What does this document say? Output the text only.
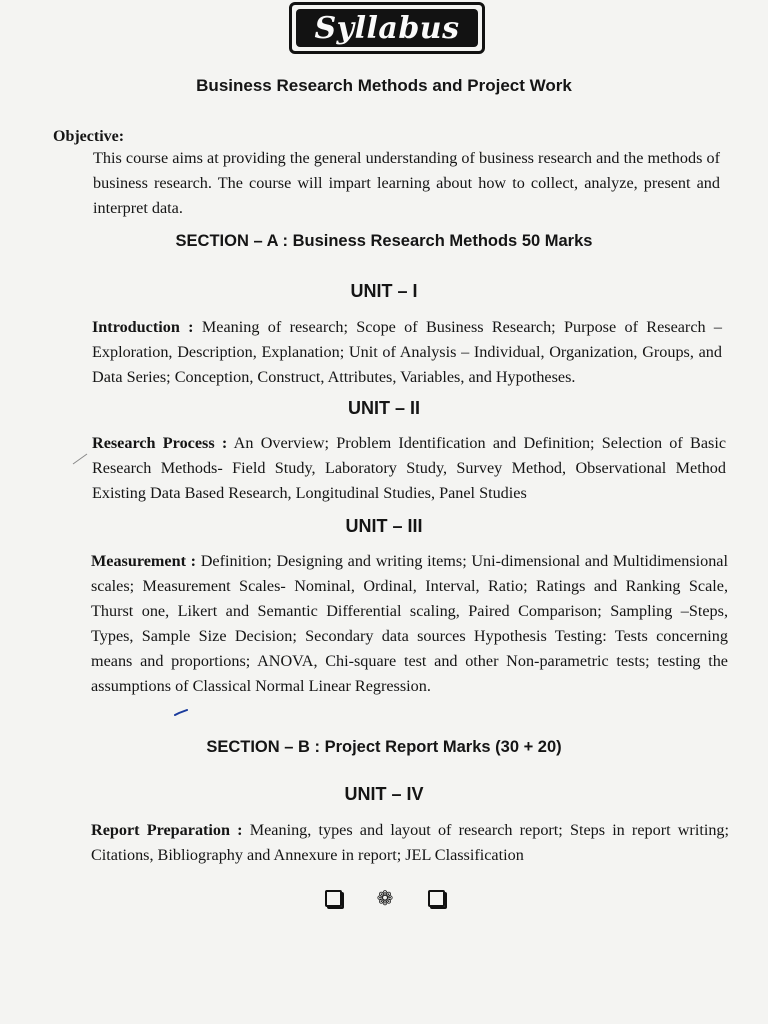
Syllabus
Business Research Methods and Project Work
Objective:
This course aims at providing the general understanding of business research and the methods of business research. The course will impart learning about how to collect, analyze, present and interpret data.
SECTION – A : Business Research Methods 50 Marks
UNIT – I
Introduction : Meaning of research; Scope of Business Research; Purpose of Research –Exploration, Description, Explanation; Unit of Analysis – Individual, Organization, Groups, and Data Series; Conception, Construct, Attributes, Variables, and Hypotheses.
UNIT – II
Research Process : An Overview; Problem Identification and Definition; Selection of Basic Research Methods- Field Study, Laboratory Study, Survey Method, Observational Method Existing Data Based Research, Longitudinal Studies, Panel Studies
UNIT – III
Measurement : Definition; Designing and writing items; Uni-dimensional and Multidimensional scales; Measurement Scales- Nominal, Ordinal, Interval, Ratio; Ratings and Ranking Scale, Thurst one, Likert and Semantic Differential scaling, Paired Comparison; Sampling –Steps, Types, Sample Size Decision; Secondary data sources Hypothesis Testing: Tests concerning means and proportions; ANOVA, Chi-square test and other Non-parametric tests; testing the assumptions of Classical Normal Linear Regression.
SECTION – B : Project Report Marks (30 + 20)
UNIT – IV
Report Preparation : Meaning, types and layout of research report; Steps in report writing; Citations, Bibliography and Annexure in report; JEL Classification
❁
